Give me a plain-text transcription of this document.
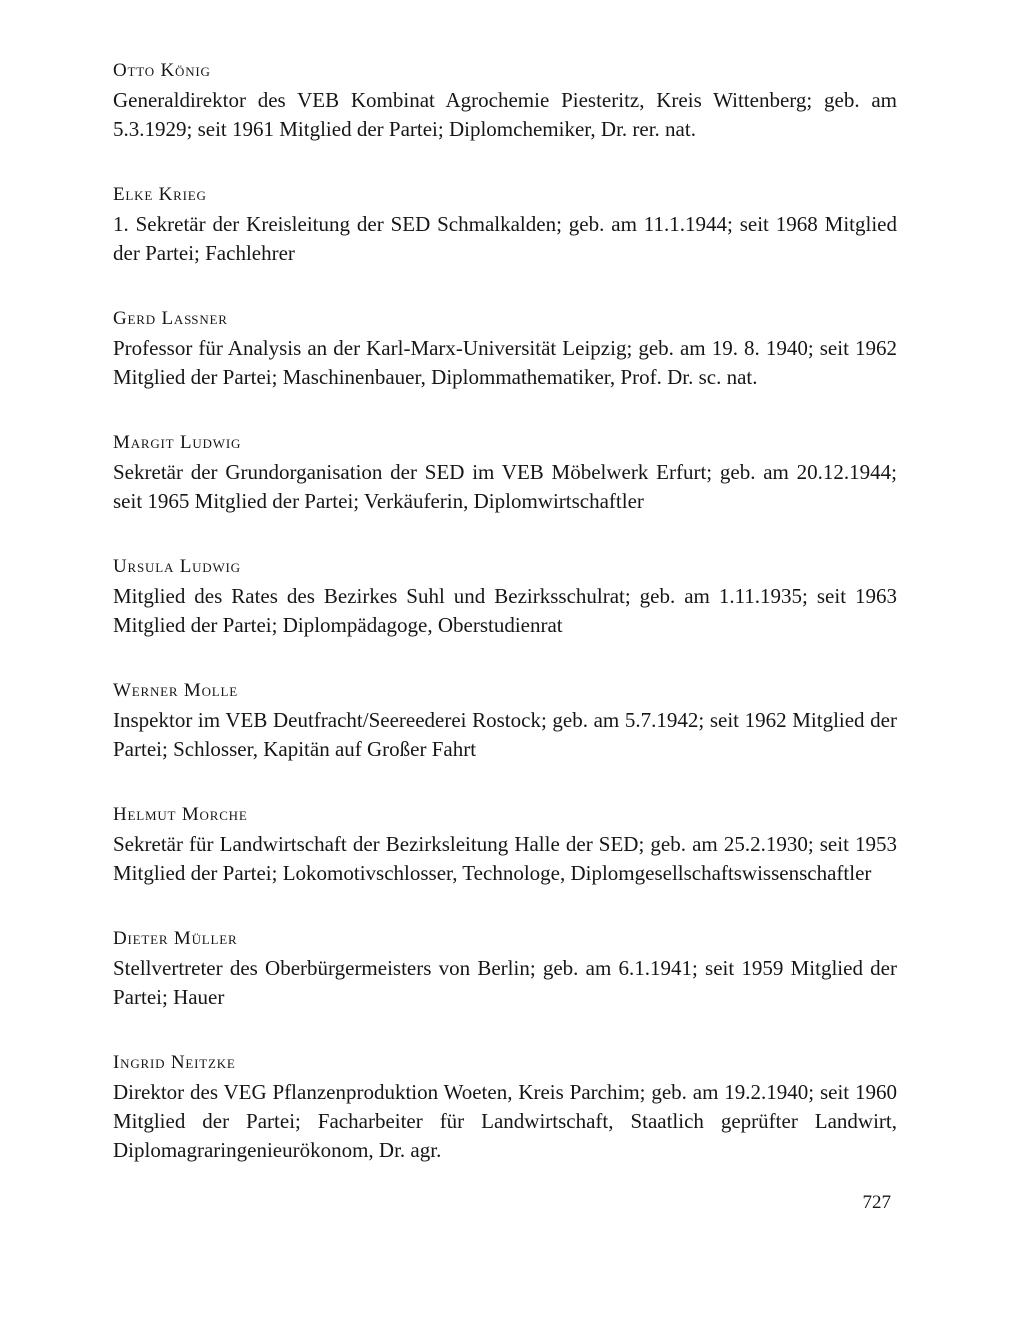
Otto König

Generaldirektor des VEB Kombinat Agrochemie Piesteritz, Kreis Wittenberg; geb. am 5.3.1929; seit 1961 Mitglied der Partei; Diplomchemiker, Dr. rer. nat.

Elke Krieg

1. Sekretär der Kreisleitung der SED Schmalkalden; geb. am 11.1.1944; seit 1968 Mitglied der Partei; Fachlehrer

Gerd Laßner

Professor für Analysis an der Karl-Marx-Universität Leipzig; geb. am 19. 8. 1940; seit 1962 Mitglied der Partei; Maschinenbauer, Diplommathematiker, Prof. Dr. sc. nat.

Margit Ludwig

Sekretär der Grundorganisation der SED im VEB Möbelwerk Erfurt; geb. am 20.12.1944; seit 1965 Mitglied der Partei; Verkäuferin, Diplomwirtschaftler

Ursula Ludwig

Mitglied des Rates des Bezirkes Suhl und Bezirksschulrat; geb. am 1.11.1935; seit 1963 Mitglied der Partei; Diplompädagoge, Oberstudienrat

Werner Molle

Inspektor im VEB Deutfracht/Seereederei Rostock; geb. am 5.7.1942; seit 1962 Mitglied der Partei; Schlosser, Kapitän auf Großer Fahrt

Helmut Morche

Sekretär für Landwirtschaft der Bezirksleitung Halle der SED; geb. am 25.2.1930; seit 1953 Mitglied der Partei; Lokomotivschlosser, Technologe, Diplomgesellschaftswissenschaftler

Dieter Müller

Stellvertreter des Oberbürgermeisters von Berlin; geb. am 6.1.1941; seit 1959 Mitglied der Partei; Hauer

Ingrid Neitzke

Direktor des VEG Pflanzenproduktion Woeten, Kreis Parchim; geb. am 19.2.1940; seit 1960 Mitglied der Partei; Facharbeiter für Landwirtschaft, Staatlich geprüfter Landwirt, Diplomagraringenieurökonom, Dr. agr.

727
